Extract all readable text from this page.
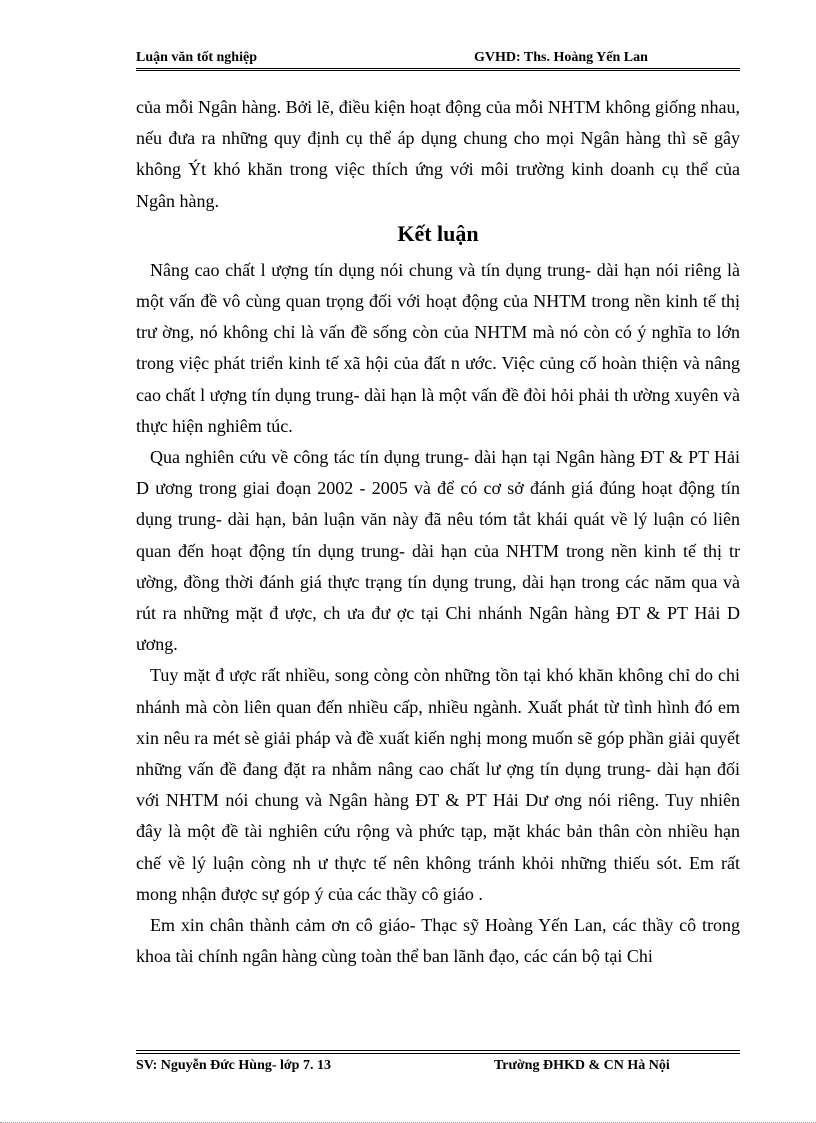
Luận văn tốt nghiệp	GVHD: Ths. Hoàng Yến Lan

của mỗi Ngân hàng. Bởi lẽ, điều kiện hoạt động của mỗi NHTM không giống nhau, nếu đưa ra những quy định cụ thể áp dụng chung cho mọi Ngân hàng thì sẽ gây không Ýt khó khăn trong việc thích ứng với môi trường kinh doanh cụ thể của Ngân hàng.

Kết luận

Nâng cao chất l ượng tín dụng nói chung và tín dụng trung- dài hạn nói riêng là một vấn đề vô cùng quan trọng đối với hoạt động của NHTM trong nền kinh tế thị trư ờng, nó không chỉ là vấn đề sống còn của NHTM mà nó còn có ý nghĩa to lớn trong việc phát triển kinh tế xã hội của đất n ước. Việc củng cố hoàn thiện và nâng cao chất l ượng tín dụng trung- dài hạn là một vấn đề đòi hỏi phải th ường xuyên và thực hiện nghiêm túc.

Qua nghiên cứu về công tác tín dụng trung- dài hạn tại Ngân hàng ĐT & PT Hải D ương trong giai đoạn 2002 - 2005 và để có cơ sở đánh giá đúng hoạt động tín dụng trung- dài hạn, bản luận văn này đã nêu tóm tắt khái quát về lý luận có liên quan đến hoạt động tín dụng trung- dài hạn của NHTM trong nền kinh tế thị tr ường, đồng thời đánh giá thực trạng tín dụng trung, dài hạn trong các năm qua và rút ra những mặt đ ược, ch ưa đư ợc tại Chi nhánh Ngân hàng ĐT & PT Hải D ương.

Tuy mặt đ ược rất nhiều, song còng còn những tồn tại khó khăn không chỉ do chi nhánh mà còn liên quan đến nhiều cấp, nhiều ngành. Xuất phát từ tình hình đó em xin nêu ra mét sè giải pháp và đề xuất kiến nghị mong muốn sẽ góp phần giải quyết những vấn đề đang đặt ra nhằm nâng cao chất lư ợng tín dụng trung- dài hạn đối với NHTM nói chung và Ngân hàng ĐT & PT Hải Dư ơng nói riêng. Tuy nhiên đây là một đề tài nghiên cứu rộng và phức tạp, mặt khác bản thân còn nhiều hạn chế về lý luận còng nh ư thực tế nên không tránh khỏi những thiếu sót. Em rất mong nhận được sự góp ý của các thầy cô giáo .

Em xin chân thành cảm ơn cô giáo- Thạc sỹ Hoàng Yến Lan, các thầy cô trong khoa tài chính ngân hàng cùng toàn thể ban lãnh đạo, các cán bộ tại Chi

SV: Nguyễn Đức Hùng- lớp 7. 13	Trường ĐHKD & CN Hà Nội
